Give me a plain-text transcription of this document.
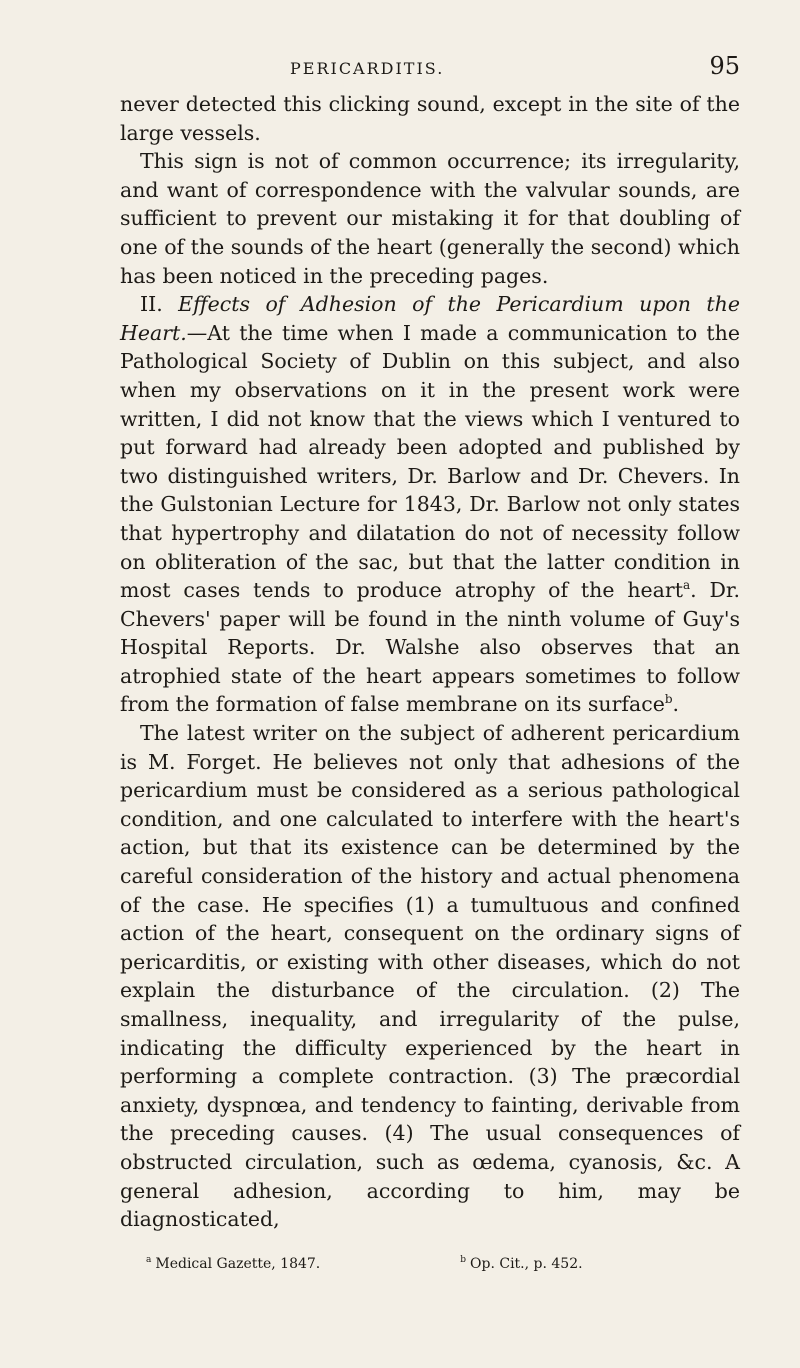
PERICARDITIS.	95

never detected this clicking sound, except in the site of the large vessels.

This sign is not of common occurrence; its irregularity, and want of correspondence with the valvular sounds, are sufficient to prevent our mistaking it for that doubling of one of the sounds of the heart (generally the second) which has been noticed in the preceding pages.

II. Effects of Adhesion of the Pericardium upon the Heart.—At the time when I made a communication to the Pathological Society of Dublin on this subject, and also when my observations on it in the present work were written, I did not know that the views which I ventured to put forward had already been adopted and published by two distinguished writers, Dr. Barlow and Dr. Chevers. In the Gulstonian Lecture for 1843, Dr. Barlow not only states that hypertrophy and dilatation do not of necessity follow on obliteration of the sac, but that the latter condition in most cases tends to produce atrophy of the heart$^a$. Dr. Chevers' paper will be found in the ninth volume of Guy's Hospital Reports. Dr. Walshe also observes that an atrophied state of the heart appears sometimes to follow from the formation of false membrane on its surface$^b$.

The latest writer on the subject of adherent pericardium is M. Forget. He believes not only that adhesions of the pericardium must be considered as a serious pathological condition, and one calculated to interfere with the heart's action, but that its existence can be determined by the careful consideration of the history and actual phenomena of the case. He specifies (1) a tumultuous and confined action of the heart, consequent on the ordinary signs of pericarditis, or existing with other diseases, which do not explain the disturbance of the circulation. (2) The smallness, inequality, and irregularity of the pulse, indicating the difficulty experienced by the heart in performing a complete contraction. (3) The præcordial anxiety, dyspnœa, and tendency to fainting, derivable from the preceding causes. (4) The usual consequences of obstructed circulation, such as œdema, cyanosis, &c. A general adhesion, according to him, may be diagnosticated,

$^a$ Medical Gazette, 1847.	$^b$ Op. Cit., p. 452.
